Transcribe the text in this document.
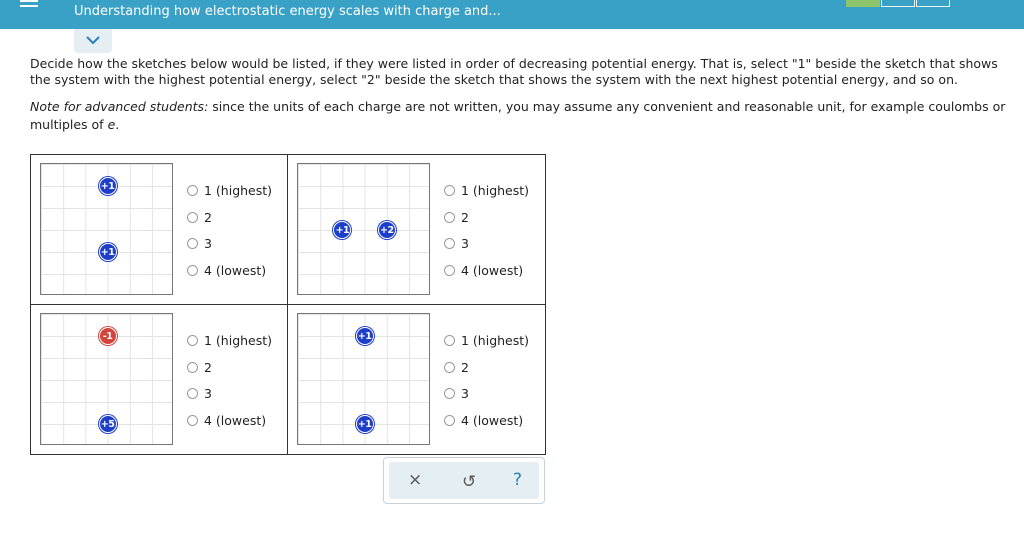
Understanding how electrostatic energy scales with charge and...

Decide how the sketches below would be listed, if they were listed in order of decreasing potential energy. That is, select "1" beside the sketch that shows the system with the highest potential energy, select "2" beside the sketch that shows the system with the next highest potential energy, and so on.

Note for advanced students: since the units of each charge are not written, you may assume any convenient and reasonable unit, for example coulombs or multiples of e.

+1
+1
1 (highest)
2
3
4 (lowest)
+1	+2
1 (highest)
2
3
4 (lowest)
-1
+5
1 (highest)
2
3
4 (lowest)
+1
+1
1 (highest)
2
3
4 (lowest)
× ↺ ?
